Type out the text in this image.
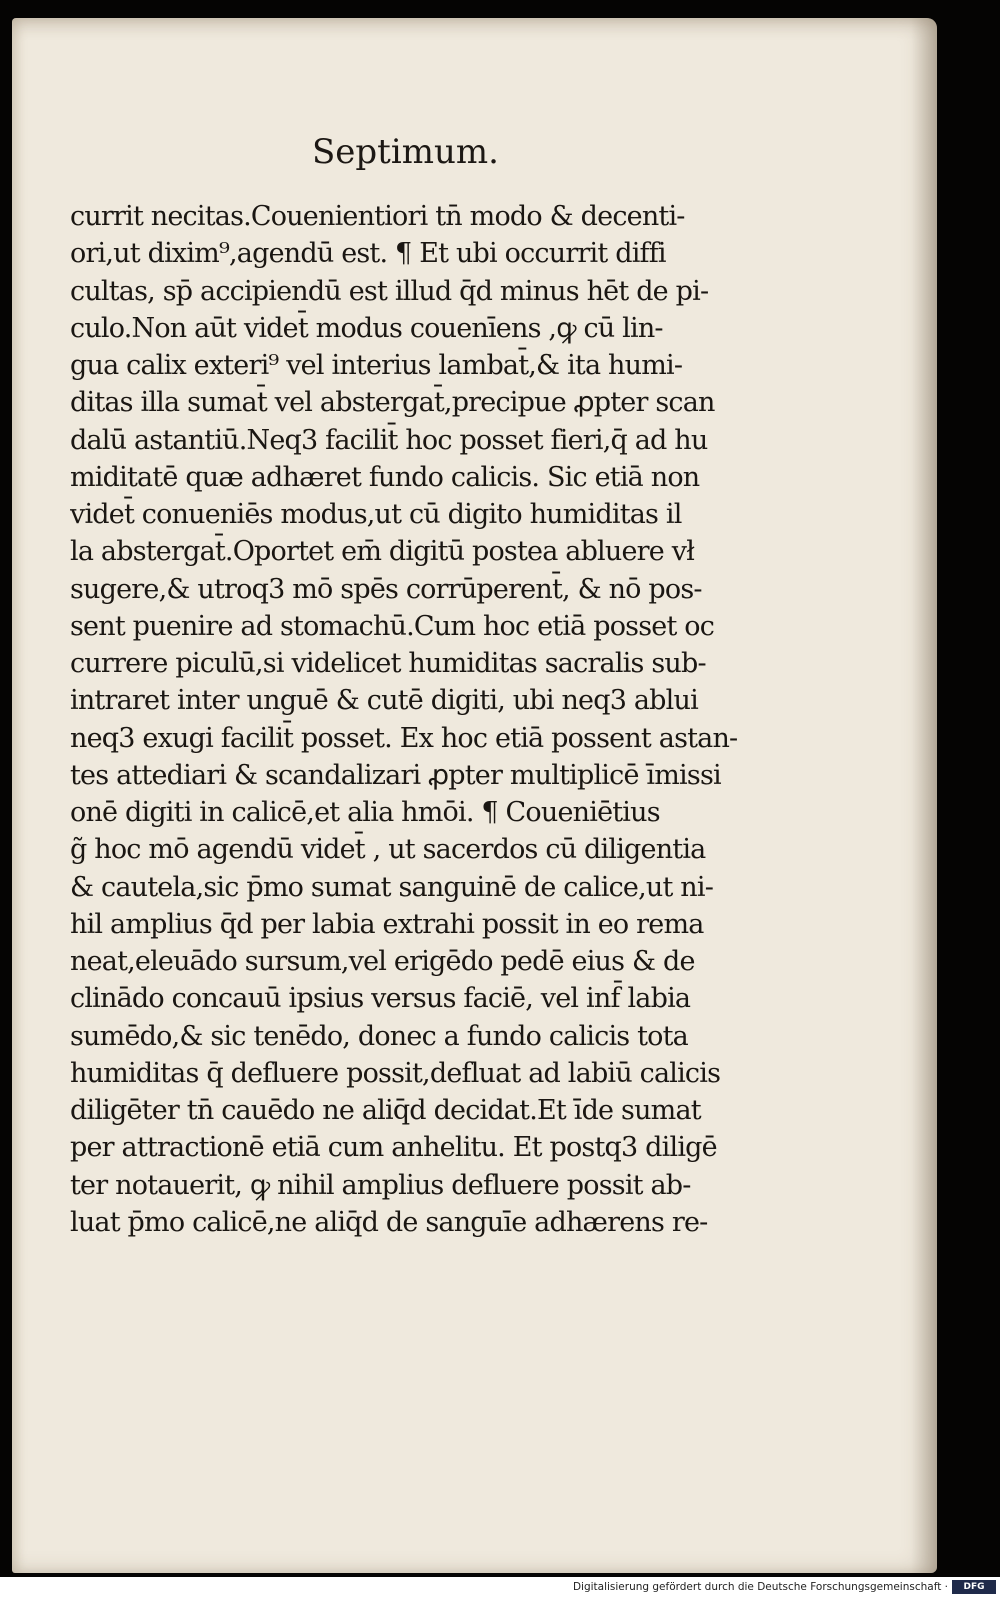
Septimum.
currit necitas.Couenientiori tn̄ modo & decenti-
ori,ut dixim⁹,agendū est. ¶ Et ubi occurrit diffi
cultas, sp̄ accipiendū est illud q̄d minus hēt de pi-
culo.Non aūt videt̄ modus couenīens ,ꝙ cū lin-
gua calix exteri⁹ vel interius lambat̄,& ita humi-
ditas illa sumat̄ vel abstergat̄,precipue ꝓpter scan
dalū astantiū.Neq3 facilit̄ hoc posset fieri,q̄ ad hu
miditatē quæ adhæret fundo calicis. Sic etiā non
videt̄ conueniēs modus,ut cū digito humiditas il
la abstergat̄.Oportet em̄ digitū postea abluere vł
sugere,& utroq3 mō spēs corrūperent̄, & nō pos-
sent puenire ad stomachū.Cum hoc etiā posset oc
currere piculū,si videlicet humiditas sacralis sub-
intraret inter unguē & cutē digiti, ubi neq3 ablui
neq3 exugi facilit̄ posset. Ex hoc etiā possent astan-
tes attediari & scandalizari ꝓpter multiplicē īmissi
onē digiti in calicē,et alia hmōi. ¶ Coueniētius
g̃ hoc mō agendū videt̄ , ut sacerdos cū diligentia
& cautela,sic p̄mo sumat sanguinē de calice,ut ni-
hil amplius q̄d per labia extrahi possit in eo rema
neat,eleuādo sursum,vel erigēdo pedē eius & de
clinādo concauū ipsius versus faciē, vel inf̄ labia
sumēdo,& sic tenēdo, donec a fundo calicis tota
humiditas q̄ defluere possit,defluat ad labiū calicis
diligēter tn̄ cauēdo ne aliq̄d decidat.Et īde sumat
per attractionē etiā cum anhelitu. Et postq3 diligē
ter notauerit, ꝙ nihil amplius defluere possit ab-
luat p̄mo calicē,ne aliq̄d de sanguīe adhærens re-
Digitalisierung gefördert durch die Deutsche Forschungsgemeinschaft ·	DFG
